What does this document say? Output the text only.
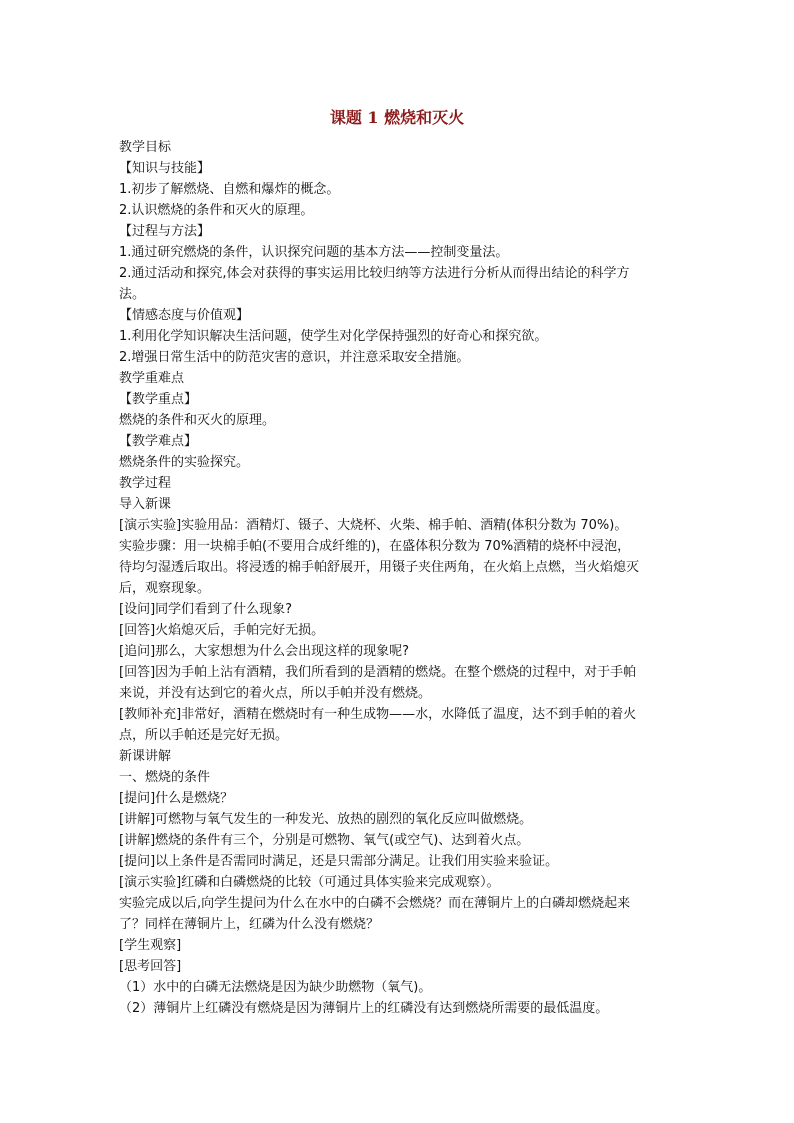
课题 1 燃烧和灭火

教学目标

【知识与技能】

1.初步了解燃烧、自燃和爆炸的概念。

2.认识燃烧的条件和灭火的原理。

【过程与方法】

1.通过研究燃烧的条件，认识探究问题的基本方法——控制变量法。

2.通过活动和探究,体会对获得的事实运用比较归纳等方法进行分析从而得出结论的科学方

法。

【情感态度与价值观】

1.利用化学知识解决生活问题，使学生对化学保持强烈的好奇心和探究欲。

2.增强日常生活中的防范灾害的意识，并注意采取安全措施。

教学重难点

【教学重点】

燃烧的条件和灭火的原理。

【教学难点】

燃烧条件的实验探究。

教学过程

导入新课

[演示实验]实验用品：酒精灯、镊子、大烧杯、火柴、棉手帕、酒精(体积分数为 70%)。

实验步骤：用一块棉手帕(不要用合成纤维的)，在盛体积分数为 70%酒精的烧杯中浸泡，

待均匀湿透后取出。将浸透的棉手帕舒展开，用镊子夹住两角，在火焰上点燃，当火焰熄灭

后，观察现象。

[设问]同学们看到了什么现象?

[回答]火焰熄灭后，手帕完好无损。

[追问]那么，大家想想为什么会出现这样的现象呢?

[回答]因为手帕上沾有酒精，我们所看到的是酒精的燃烧。在整个燃烧的过程中，对于手帕

来说，并没有达到它的着火点，所以手帕并没有燃烧。

[教师补充]非常好，酒精在燃烧时有一种生成物——水，水降低了温度，达不到手帕的着火

点，所以手帕还是完好无损。

新课讲解

一、燃烧的条件

[提问]什么是燃烧？

[讲解]可燃物与氧气发生的一种发光、放热的剧烈的氧化反应叫做燃烧。

[讲解]燃烧的条件有三个，分别是可燃物、氧气(或空气)、达到着火点。

[提问]以上条件是否需同时满足，还是只需部分满足。让我们用实验来验证。

[演示实验]红磷和白磷燃烧的比较（可通过具体实验来完成观察）。

实验完成以后,向学生提问为什么在水中的白磷不会燃烧？而在薄铜片上的白磷却燃烧起来

了？同样在薄铜片上，红磷为什么没有燃烧？

[学生观察]

[思考回答]

（1）水中的白磷无法燃烧是因为缺少助燃物（氧气)。

（2）薄铜片上红磷没有燃烧是因为薄铜片上的红磷没有达到燃烧所需要的最低温度。
